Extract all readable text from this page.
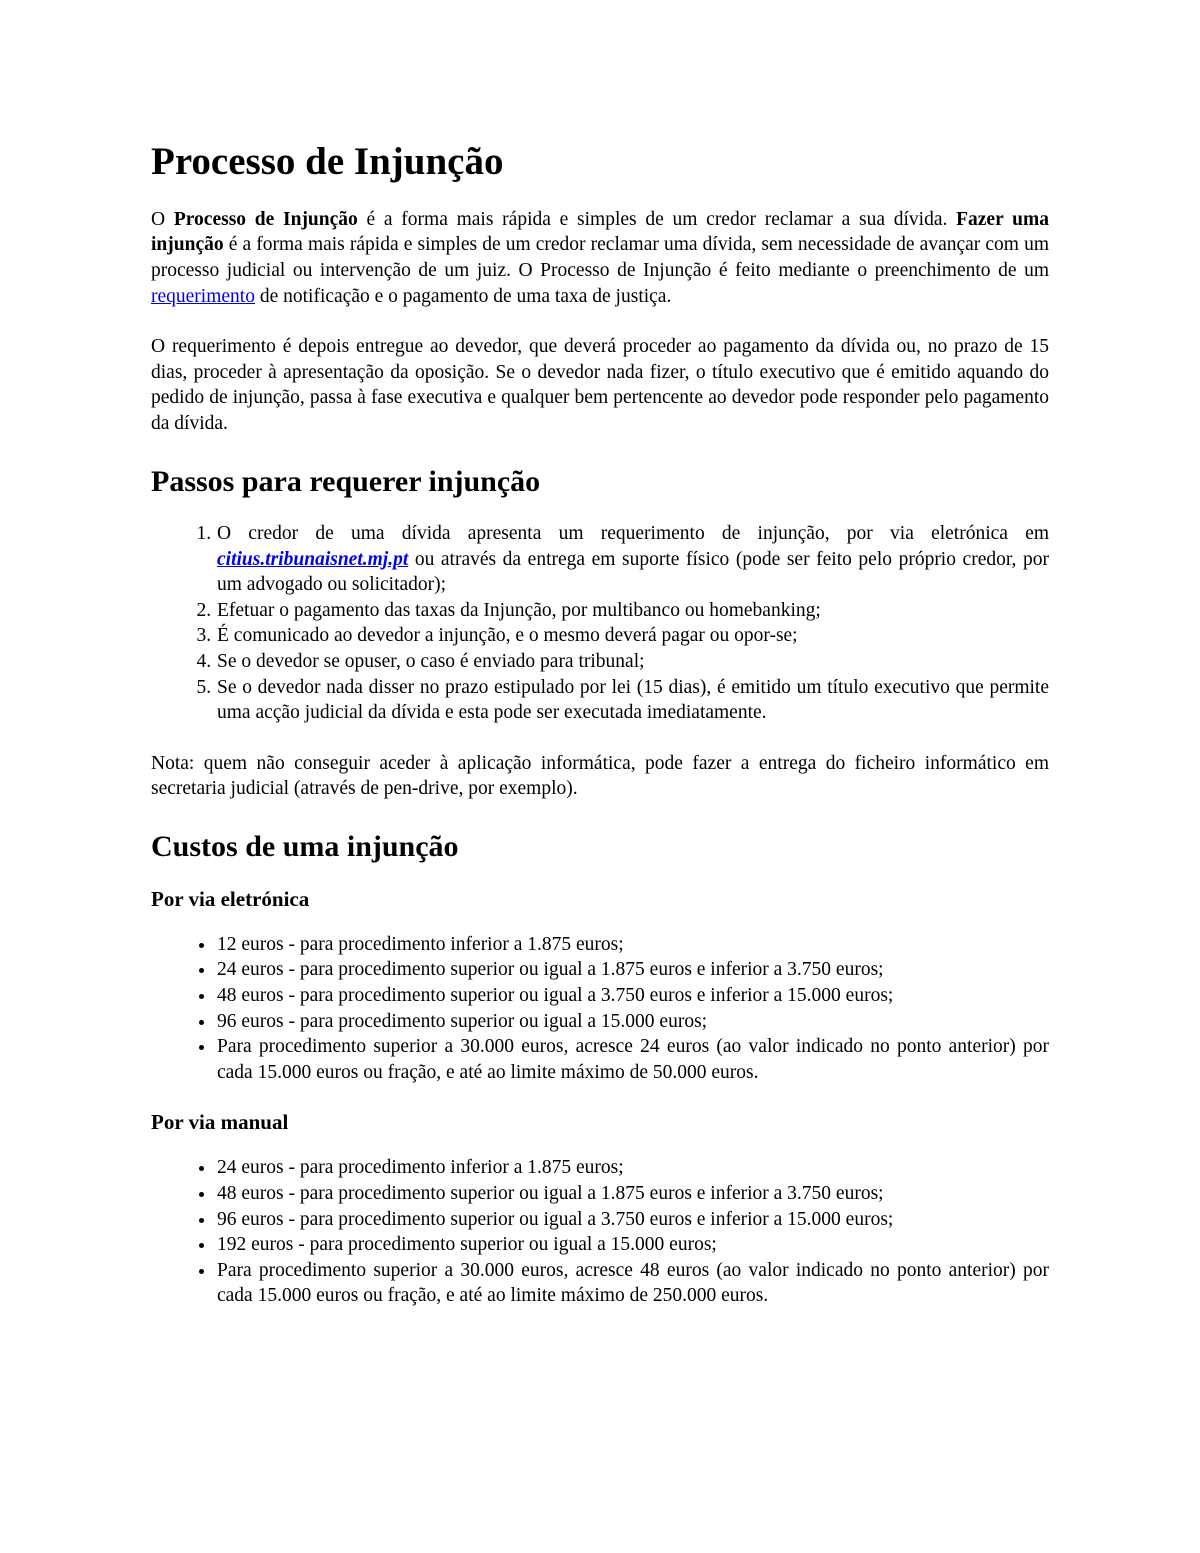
Processo de Injunção

O Processo de Injunção é a forma mais rápida e simples de um credor reclamar a sua dívida. Fazer uma injunção é a forma mais rápida e simples de um credor reclamar uma dívida, sem necessidade de avançar com um processo judicial ou intervenção de um juiz. O Processo de Injunção é feito mediante o preenchimento de um requerimento de notificação e o pagamento de uma taxa de justiça.

O requerimento é depois entregue ao devedor, que deverá proceder ao pagamento da dívida ou, no prazo de 15 dias, proceder à apresentação da oposição. Se o devedor nada fizer, o título executivo que é emitido aquando do pedido de injunção, passa à fase executiva e qualquer bem pertencente ao devedor pode responder pelo pagamento da dívida.

Passos para requerer injunção
1. O credor de uma dívida apresenta um requerimento de injunção, por via eletrónica em citius.tribunaisnet.mj.pt ou através da entrega em suporte físico (pode ser feito pelo próprio credor, por um advogado ou solicitador);
2. Efetuar o pagamento das taxas da Injunção, por multibanco ou homebanking;
3. É comunicado ao devedor a injunção, e o mesmo deverá pagar ou opor-se;
4. Se o devedor se opuser, o caso é enviado para tribunal;
5. Se o devedor nada disser no prazo estipulado por lei (15 dias), é emitido um título executivo que permite uma acção judicial da dívida e esta pode ser executada imediatamente.

Nota: quem não conseguir aceder à aplicação informática, pode fazer a entrega do ficheiro informático em secretaria judicial (através de pen-drive, por exemplo).

Custos de uma injunção
Por via eletrónica
• 12 euros - para procedimento inferior a 1.875 euros;
• 24 euros - para procedimento superior ou igual a 1.875 euros e inferior a 3.750 euros;
• 48 euros - para procedimento superior ou igual a 3.750 euros e inferior a 15.000 euros;
• 96 euros - para procedimento superior ou igual a 15.000 euros;
• Para procedimento superior a 30.000 euros, acresce 24 euros (ao valor indicado no ponto anterior) por cada 15.000 euros ou fração, e até ao limite máximo de 50.000 euros.
Por via manual
• 24 euros - para procedimento inferior a 1.875 euros;
• 48 euros - para procedimento superior ou igual a 1.875 euros e inferior a 3.750 euros;
• 96 euros - para procedimento superior ou igual a 3.750 euros e inferior a 15.000 euros;
• 192 euros - para procedimento superior ou igual a 15.000 euros;
• Para procedimento superior a 30.000 euros, acresce 48 euros (ao valor indicado no ponto anterior) por cada 15.000 euros ou fração, e até ao limite máximo de 250.000 euros.
